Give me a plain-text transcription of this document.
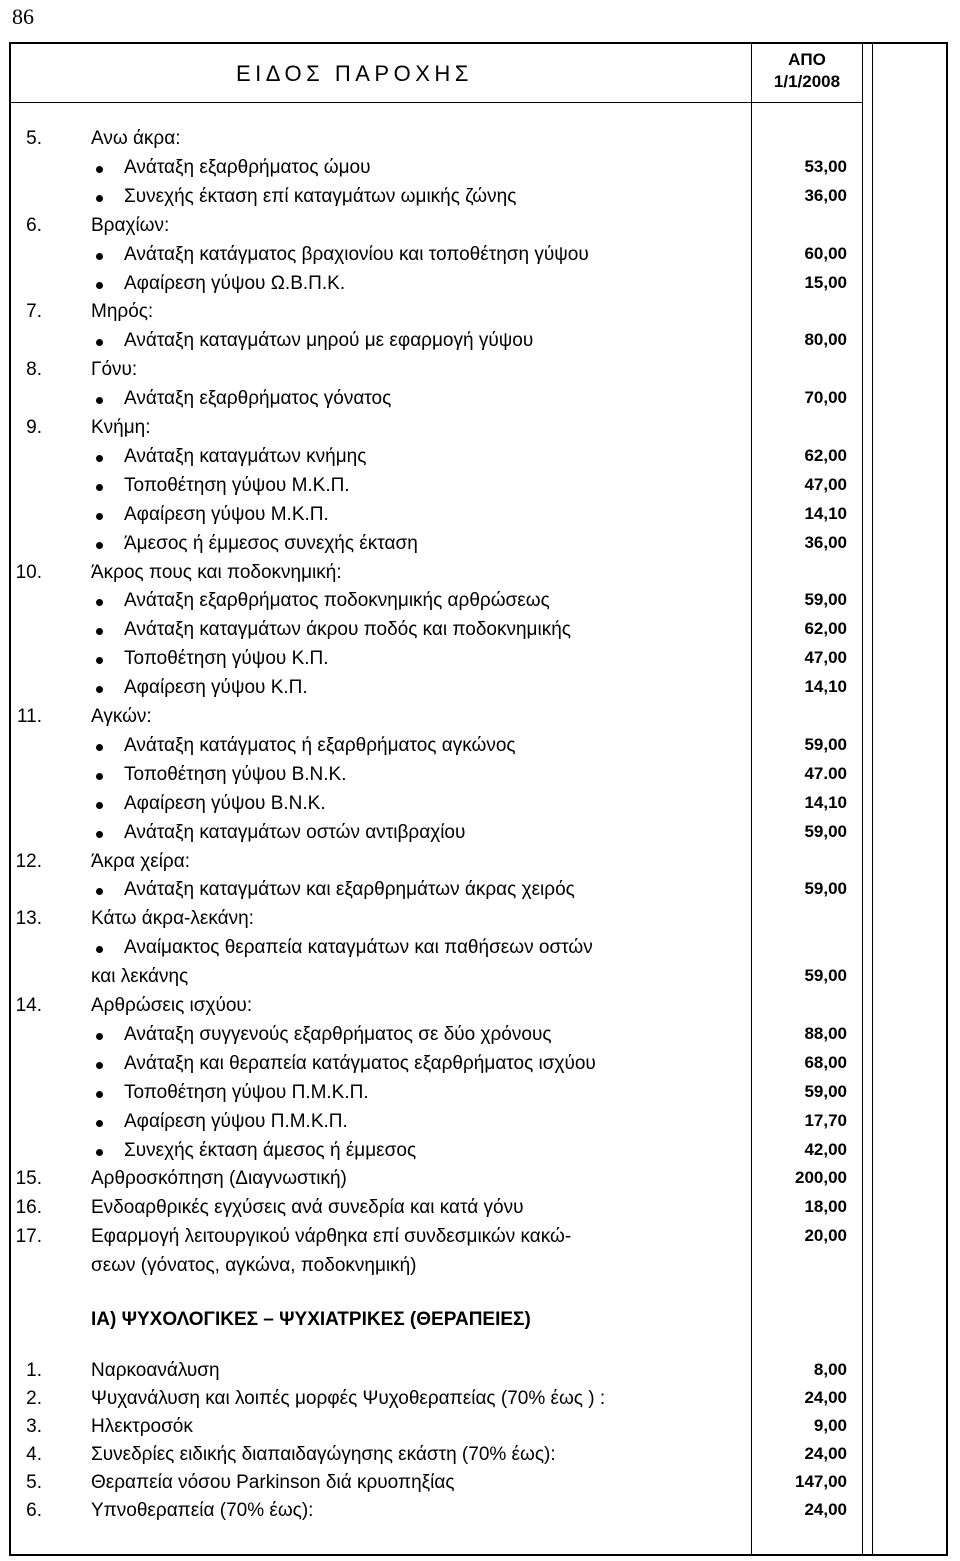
86
ΕΙΔΟΣ ΠΑΡΟΧΗΣ
ΑΠΟ
1/1/2008
5.	Ανω άκρα:
Ανάταξη εξαρθρήματος ώμου	53,00
Συνεχής έκταση επί καταγμάτων ωμικής ζώνης	36,00
6.	Βραχίων:
Ανάταξη κατάγματος βραχιονίου και τοποθέτηση γύψου	60,00
Αφαίρεση γύψου Ω.Β.Π.Κ.	15,00
7.	Μηρός:
Ανάταξη καταγμάτων μηρού με εφαρμογή γύψου	80,00
8.	Γόνυ:
Ανάταξη εξαρθρήματος γόνατος	70,00
9.	Κνήμη:
Ανάταξη καταγμάτων κνήμης	62,00
Τοποθέτηση γύψου Μ.Κ.Π.	47,00
Αφαίρεση γύψου Μ.Κ.Π.	14,10
Άμεσος ή έμμεσος συνεχής έκταση	36,00
10.	Άκρος πους και ποδοκνημική:
Ανάταξη εξαρθρήματος ποδοκνημικής αρθρώσεως	59,00
Ανάταξη καταγμάτων άκρου ποδός και ποδοκνημικής	62,00
Τοποθέτηση γύψου Κ.Π.	47,00
Αφαίρεση γύψου Κ.Π.	14,10
11.	Αγκών:
Ανάταξη κατάγματος ή εξαρθρήματος αγκώνος	59,00
Τοποθέτηση γύψου Β.Ν.Κ.	47.00
Αφαίρεση γύψου Β.Ν.Κ.	14,10
Ανάταξη καταγμάτων οστών αντιβραχίου	59,00
12.	Άκρα χείρα:
Ανάταξη καταγμάτων και εξαρθρημάτων άκρας χειρός	59,00
13.	Κάτω άκρα-λεκάνη:
Αναίμακτος θεραπεία καταγμάτων και παθήσεων οστών
και λεκάνης	59,00
14.	Αρθρώσεις ισχύου:
Ανάταξη συγγενούς εξαρθρήματος σε δύο χρόνους	88,00
Ανάταξη και θεραπεία κατάγματος εξαρθρήματος ισχύου	68,00
Τοποθέτηση γύψου Π.Μ.Κ.Π.	59,00
Αφαίρεση γύψου Π.Μ.Κ.Π.	17,70
Συνεχής έκταση άμεσος ή έμμεσος	42,00
15.	Αρθροσκόπηση (Διαγνωστική)	200,00
16.	Ενδοαρθρικές εγχύσεις ανά συνεδρία και κατά γόνυ	18,00
17.	Εφαρμογή λειτουργικού νάρθηκα επί συνδεσμικών κακώ-	20,00
σεων (γόνατος, αγκώνα, ποδοκνημική)
1.	Ναρκοανάλυση	8,00
2.	Ψυχανάλυση και λοιπές μορφές Ψυχοθεραπείας (70% έως ) :	24,00
3.	Ηλεκτροσόκ	9,00
4.	Συνεδρίες ειδικής διαπαιδαγώγησης εκάστη (70% έως):	24,00
5.	Θεραπεία νόσου Parkinson διά κρυοπηξίας	147,00
6.	Υπνοθεραπεία (70% έως):	24,00
ΙΑ) ΨΥΧΟΛΟΓΙΚΕΣ – ΨΥΧΙΑΤΡΙΚΕΣ (ΘΕΡΑΠΕΙΕΣ)
